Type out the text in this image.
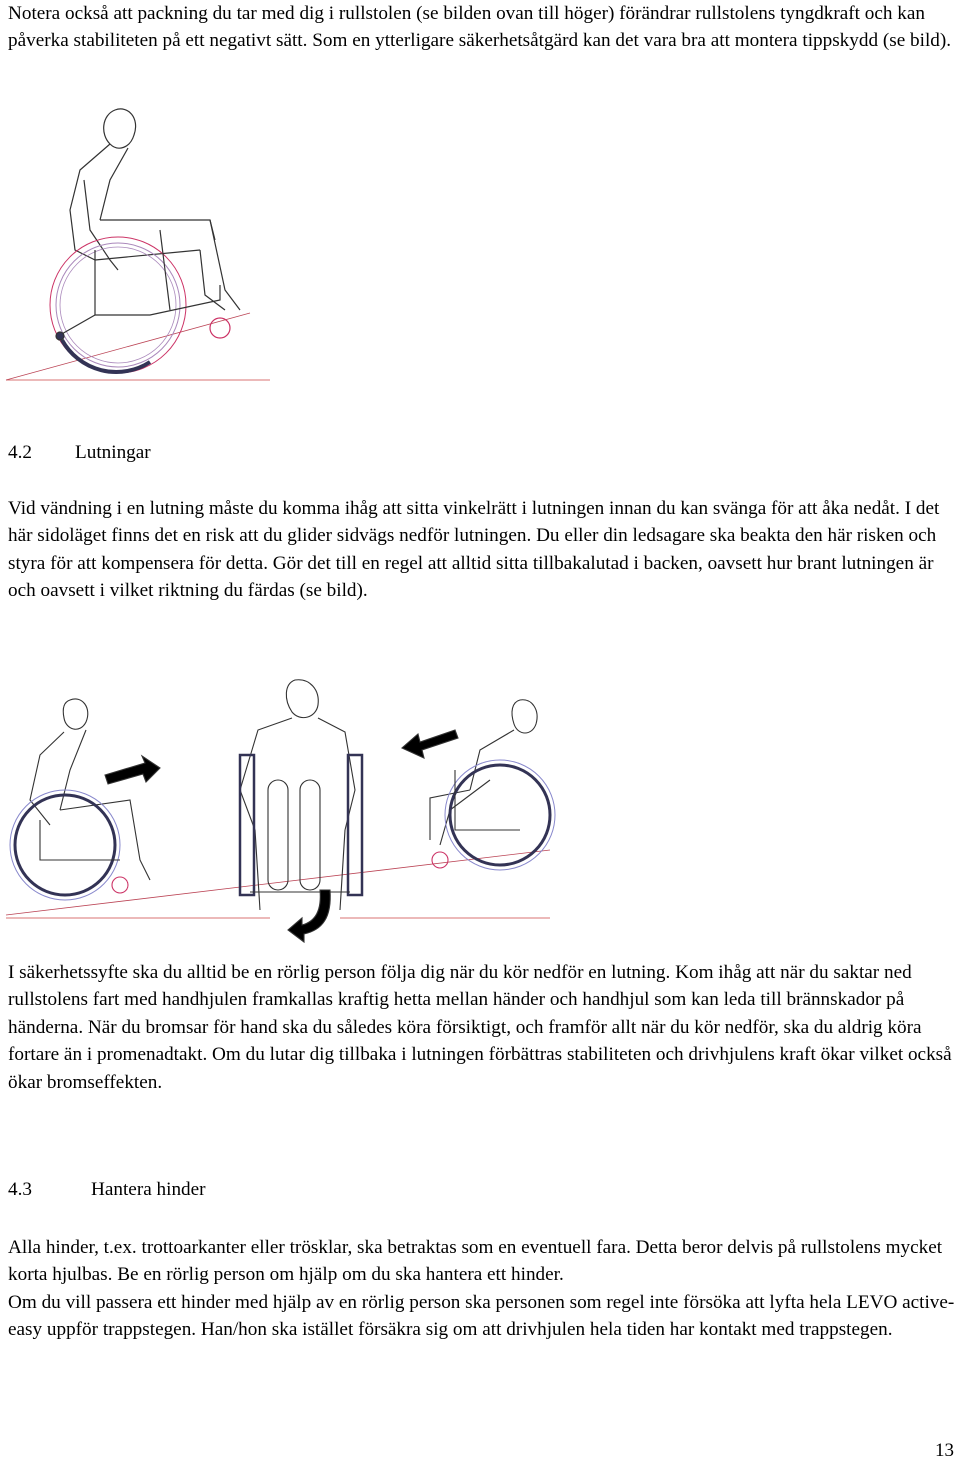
Notera också att packning du tar med dig i rullstolen (se bilden ovan till höger) förändrar rullstolens tyngdkraft och kan påverka stabiliteten på ett negativt sätt. Som en ytterligare säkerhetsåtgärd kan det vara bra att montera tippskydd (se bild).

4.2 Lutningar

Vid vändning i en lutning måste du komma ihåg att sitta vinkelrätt i lutningen innan du kan svänga för att åka nedåt. I det här sidoläget finns det en risk att du glider sidvägs nedför lutningen. Du eller din ledsagare ska beakta den här risken och styra för att kompensera för detta. Gör det till en regel att alltid sitta tillbakalutad i backen, oavsett hur brant lutningen är och oavsett i vilket riktning du färdas (se bild).

I säkerhetssyfte ska du alltid be en rörlig person följa dig när du kör nedför en lutning. Kom ihåg att när du saktar ned rullstolens fart med handhjulen framkallas kraftig hetta mellan händer och handhjul som kan leda till brännskador på händerna. När du bromsar för hand ska du således köra försiktigt, och framför allt när du kör nedför, ska du aldrig köra fortare än i promenadtakt. Om du lutar dig tillbaka i lutningen förbättras stabiliteten och drivhjulens kraft ökar vilket också ökar bromseffekten.

4.3	Hantera hinder

Alla hinder, t.ex. trottoarkanter eller trösklar, ska betraktas som en eventuell fara. Detta beror delvis på rullstolens mycket korta hjulbas. Be en rörlig person om hjälp om du ska hantera ett hinder.

Om du vill passera ett hinder med hjälp av en rörlig person ska personen som regel inte försöka att lyfta hela LEVO active-easy uppför trappstegen. Han/hon ska istället försäkra sig om att drivhjulen hela tiden har kontakt med trappstegen.

13
